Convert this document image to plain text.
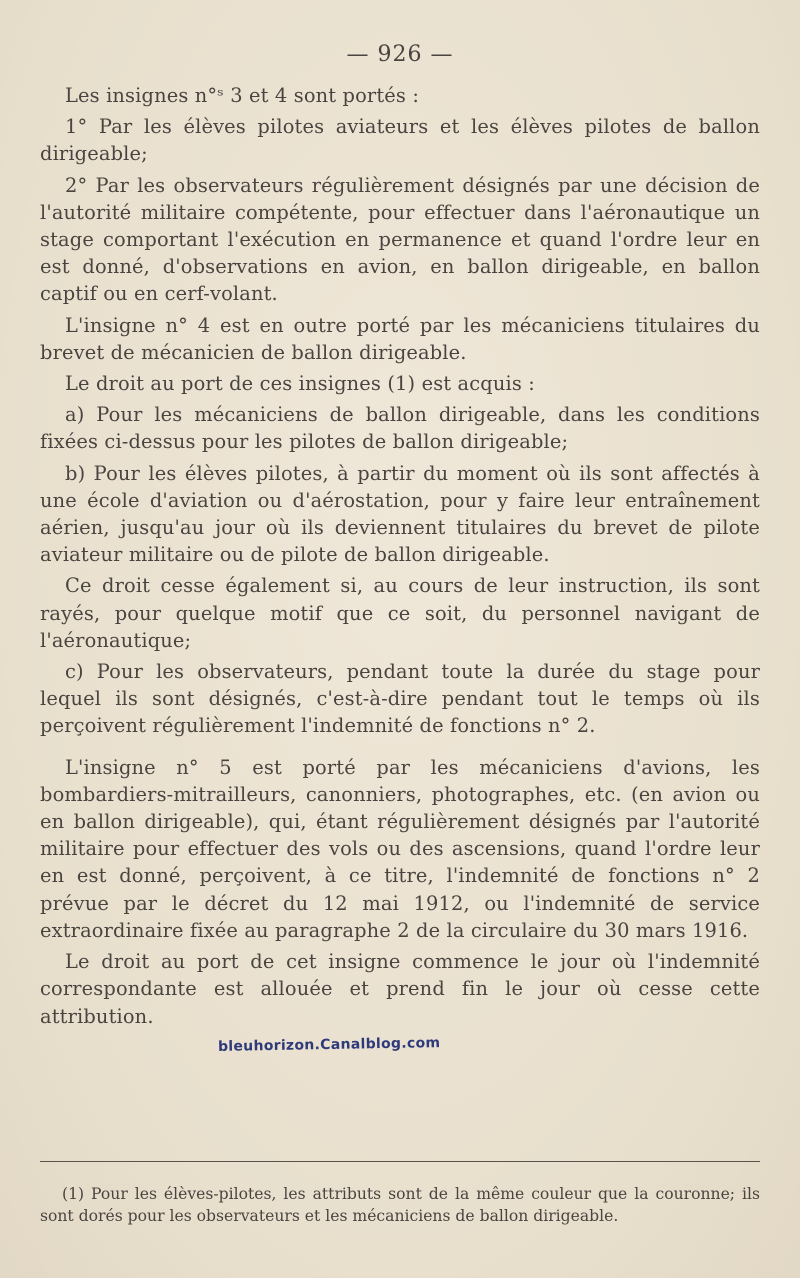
— 926 —

Les insignes n°ˢ 3 et 4 sont portés :

1° Par les élèves pilotes aviateurs et les élèves pilotes de ballon dirigeable;

2° Par les observateurs régulièrement désignés par une décision de l'autorité militaire compétente, pour effectuer dans l'aéronautique un stage comportant l'exécution en permanence et quand l'ordre leur en est donné, d'observations en avion, en ballon dirigeable, en ballon captif ou en cerf-volant.

L'insigne n° 4 est en outre porté par les mécaniciens titulaires du brevet de mécanicien de ballon dirigeable.

Le droit au port de ces insignes (1) est acquis :

a) Pour les mécaniciens de ballon dirigeable, dans les conditions fixées ci-dessus pour les pilotes de ballon dirigeable;

b) Pour les élèves pilotes, à partir du moment où ils sont affectés à une école d'aviation ou d'aérostation, pour y faire leur entraînement aérien, jusqu'au jour où ils deviennent titulaires du brevet de pilote aviateur militaire ou de pilote de ballon dirigeable.

Ce droit cesse également si, au cours de leur instruction, ils sont rayés, pour quelque motif que ce soit, du personnel navigant de l'aéronautique;

c) Pour les observateurs, pendant toute la durée du stage pour lequel ils sont désignés, c'est-à-dire pendant tout le temps où ils perçoivent régulièrement l'indemnité de fonctions n° 2.

L'insigne n° 5 est porté par les mécaniciens d'avions, les bombardiers-mitrailleurs, canonniers, photographes, etc. (en avion ou en ballon dirigeable), qui, étant régulièrement désignés par l'autorité militaire pour effectuer des vols ou des ascensions, quand l'ordre leur en est donné, perçoivent, à ce titre, l'indemnité de fonctions n° 2 prévue par le décret du 12 mai 1912, ou l'indemnité de service extraordinaire fixée au paragraphe 2 de la circulaire du 30 mars 1916.

Le droit au port de cet insigne commence le jour où l'indemnité correspondante est allouée et prend fin le jour où cesse cette attribution.

bleuhorizon.Canalblog.com

(1) Pour les élèves-pilotes, les attributs sont de la même couleur que la couronne; ils sont dorés pour les observateurs et les mécaniciens de ballon dirigeable.
